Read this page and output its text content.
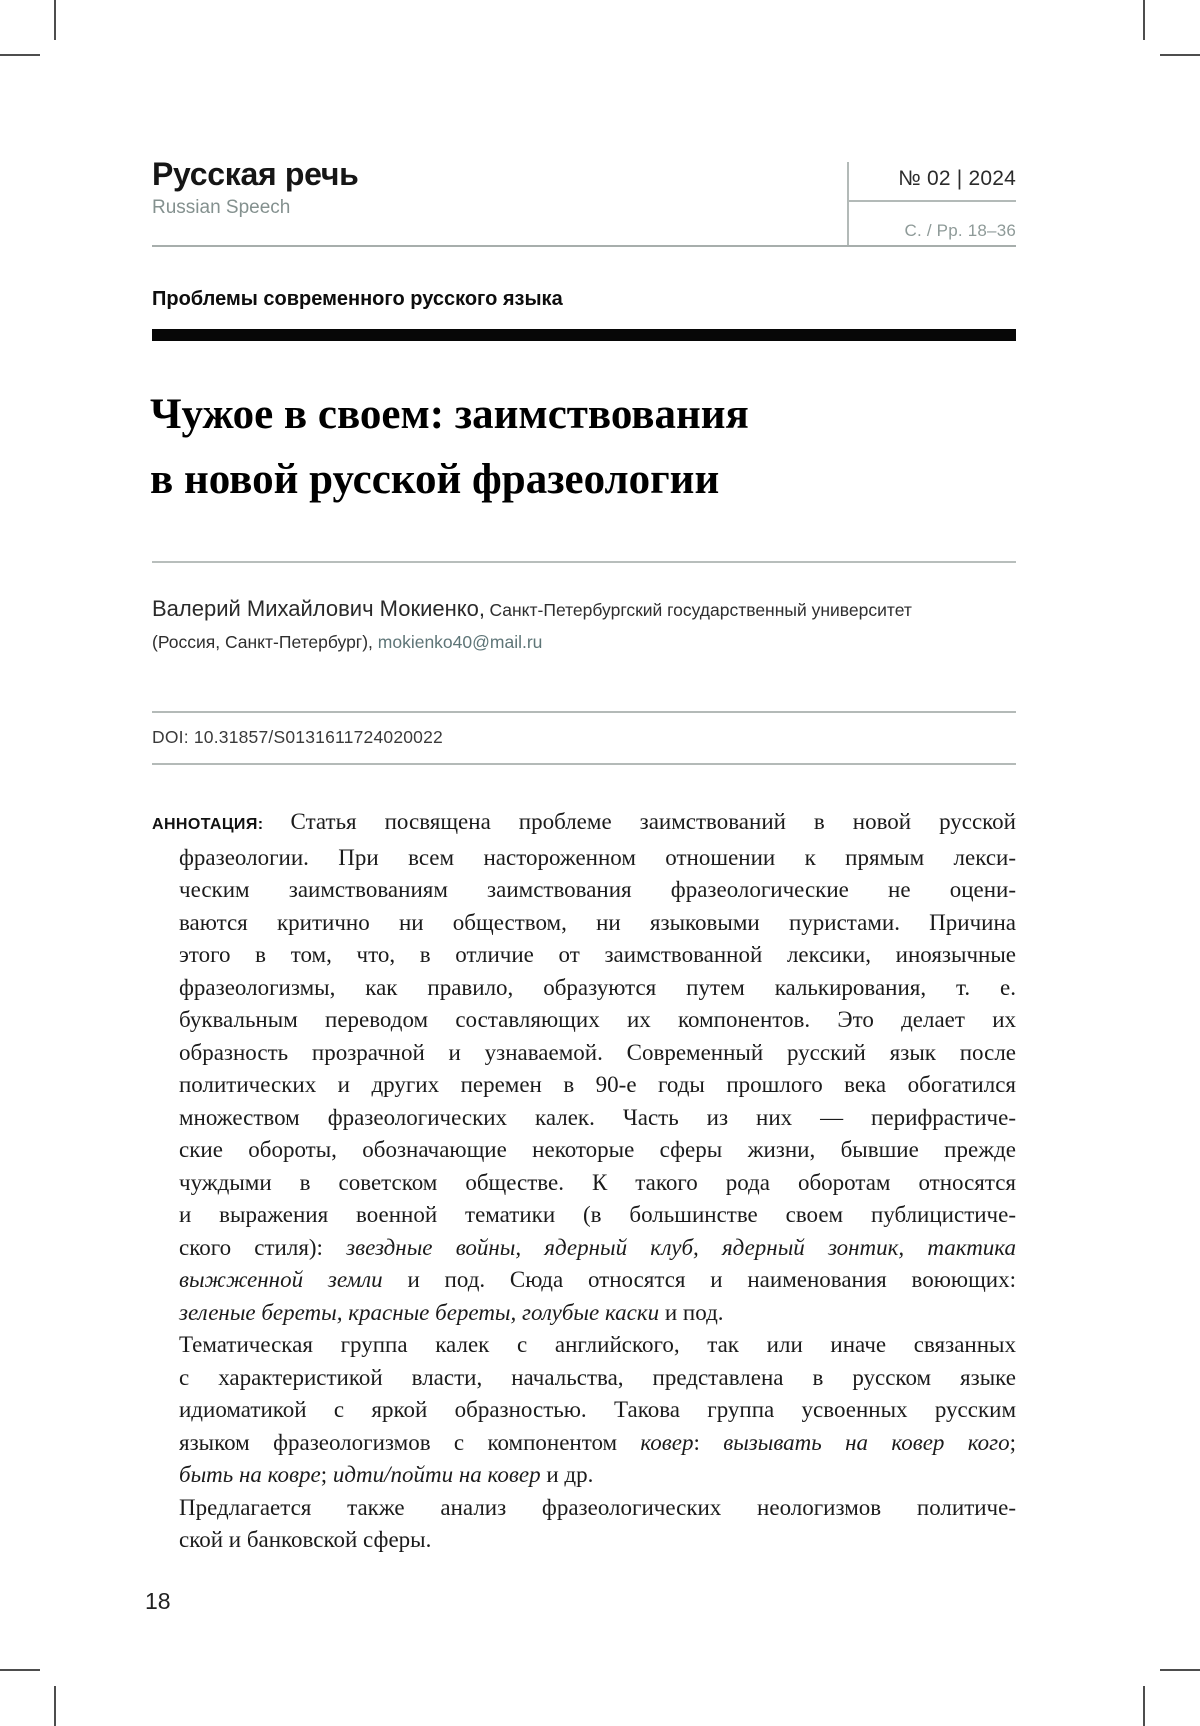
Русская речь
Russian Speech
№ 02 | 2024
С. / Pp. 18–36
Проблемы современного русского языка
Чужое в своем: заимствования
в новой русской фразеологии
Валерий Михайлович Мокиенко, Санкт-Петербургский государственный университет
(Россия, Санкт-Петербург), mokienko40@mail.ru
DOI: 10.31857/S0131611724020022
АННОТАЦИЯ: Статья посвящена проблеме заимствований в новой русской
фразеологии. При всем настороженном отношении к прямым лекси-
ческим заимствованиям заимствования фразеологические не оцени-
ваются критично ни обществом, ни языковыми пуристами. Причина
этого в том, что, в отличие от заимствованной лексики, иноязычные
фразеологизмы, как правило, образуются путем калькирования, т. е.
буквальным переводом составляющих их компонентов. Это делает их
образность прозрачной и узнаваемой. Современный русский язык после
политических и других перемен в 90-е годы прошлого века обогатился
множеством фразеологических калек. Часть из них — перифрастиче-
ские обороты, обозначающие некоторые сферы жизни, бывшие прежде
чуждыми в советском обществе. К такого рода оборотам относятся
и выражения военной тематики (в большинстве своем публицистиче-
ского стиля): звездные войны, ядерный клуб, ядерный зонтик, тактика
выжженной земли и под. Сюда относятся и наименования воюющих:
зеленые береты, красные береты, голубые каски и под.
Тематическая группа калек с английского, так или иначе связанных
с характеристикой власти, начальства, представлена в русском языке
идиоматикой с яркой образностью. Такова группа усвоенных русским
языком фразеологизмов с компонентом ковер: вызывать на ковер кого;
быть на ковре; идти/пойти на ковер и др.
Предлагается также анализ фразеологических неологизмов политиче-
ской и банковской сферы.
18
